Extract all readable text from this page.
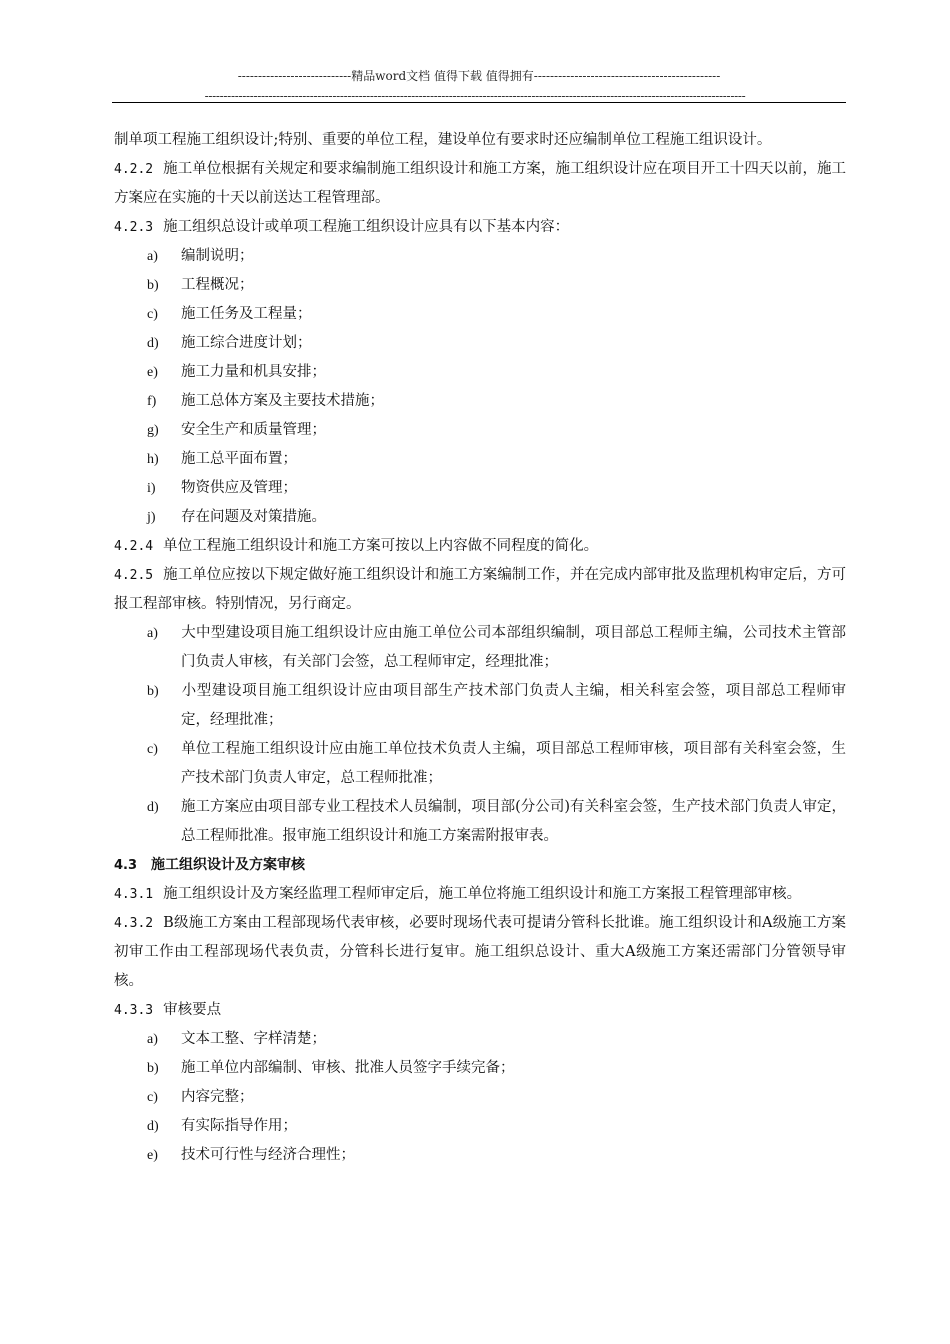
----------------------------精品word文档 值得下载 值得拥有----------------------------------------------
------------------------------------------------------------------------------------------------------------------------------------------------

制单项工程施工组织设计;特别、重要的单位工程，建设单位有要求时还应编制单位工程施工组识设计。

4.2.2 施工单位根据有关规定和要求编制施工组织设计和施工方案，施工组织设计应在项目开工十四天以前，施工方案应在实施的十天以前送达工程管理部。

4.2.3 施工组织总设计或单项工程施工组织设计应具有以下基本内容：

a) 编制说明；
b) 工程概况；
c) 施工任务及工程量；
d) 施工综合进度计划；
e) 施工力量和机具安排；
f) 施工总体方案及主要技术措施；
g) 安全生产和质量管理；
h) 施工总平面布置；
i) 物资供应及管理；
j) 存在问题及对策措施。

4.2.4 单位工程施工组织设计和施工方案可按以上内容做不同程度的简化。

4.2.5 施工单位应按以下规定做好施工组织设计和施工方案编制工作，并在完成内部审批及监理机构审定后，方可报工程部审核。特别情况，另行商定。

a) 大中型建设项目施工组织设计应由施工单位公司本部组织编制，项目部总工程师主编，公司技术主管部门负责人审核，有关部门会签，总工程师审定，经理批准；
b) 小型建设项目施工组织设计应由项目部生产技术部门负责人主编，相关科室会签，项目部总工程师审定，经理批准；
c) 单位工程施工组织设计应由施工单位技术负责人主编，项目部总工程师审核，项目部有关科室会签，生产技术部门负责人审定，总工程师批准；
d) 施工方案应由项目部专业工程技术人员编制，项目部(分公司)有关科室会签，生产技术部门负责人审定，总工程师批准。报审施工组织设计和施工方案需附报审表。

4.3 施工组织设计及方案审核

4.3.1 施工组织设计及方案经监理工程师审定后，施工单位将施工组织设计和施工方案报工程管理部审核。

4.3.2 B级施工方案由工程部现场代表审核，必要时现场代表可提请分管科长批谁。施工组织设计和A级施工方案初审工作由工程部现场代表负责，分管科长进行复审。施工组织总设计、重大A级施工方案还需部门分管领导审核。

4.3.3 审核要点

a) 文本工整、字样清楚；
b) 施工单位内部编制、审核、批准人员签字手续完备；
c) 内容完整；
d) 有实际指导作用；
e) 技术可行性与经济合理性；
